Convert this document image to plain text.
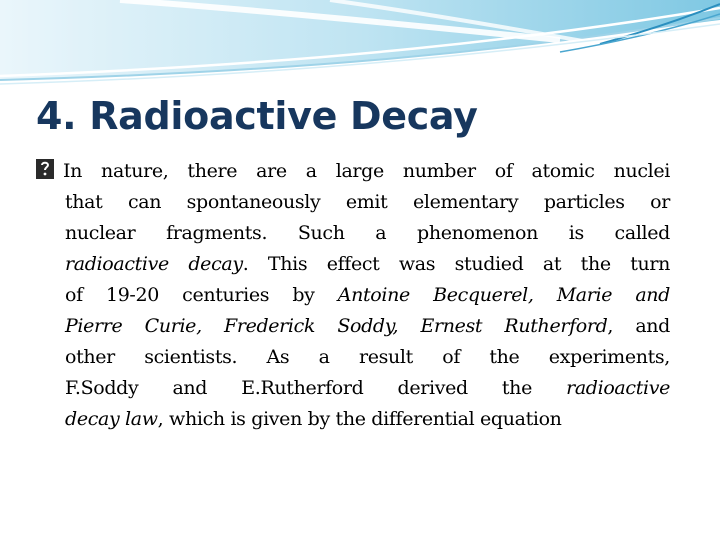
4. Radioactive Decay
In nature, there are a large number of atomic nuclei
that can spontaneously emit elementary particles or
nuclear fragments. Such a phenomenon is called
radioactive decay. This effect was studied at the turn
of 19-20 centuries by Antoine Becquerel, Marie and
Pierre Curie, Frederick Soddy, Ernest Rutherford, and
other scientists. As a result of the experiments,
F.Soddy and E.Rutherford derived the radioactive
decay law, which is given by the differential equation
